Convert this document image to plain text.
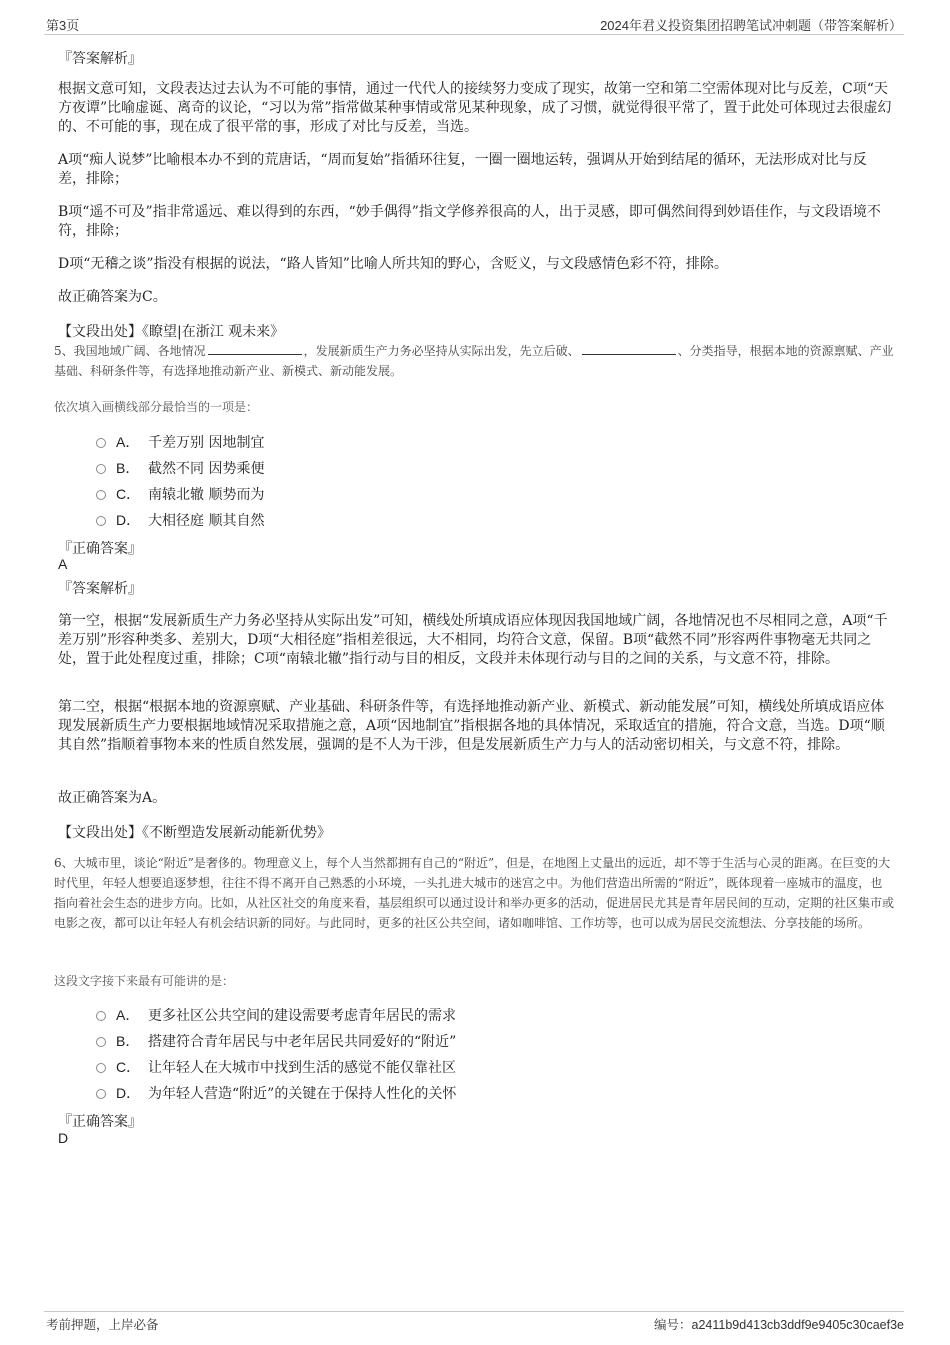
第3页	2024年君义投资集团招聘笔试冲刺题（带答案解析）
『答案解析』
根据文意可知，文段表达过去认为不可能的事情，通过一代代人的接续努力变成了现实，故第一空和第二空需体现对比与反差，C项“天方夜谭”比喻虚诞、离奇的议论，“习以为常”指常做某种事情或常见某种现象，成了习惯，就觉得很平常了，置于此处可体现过去很虚幻的、不可能的事，现在成了很平常的事，形成了对比与反差，当选。
A项“痴人说梦”比喻根本办不到的荒唐话，“周而复始”指循环往复，一圈一圈地运转，强调从开始到结尾的循环，无法形成对比与反差，排除；
B项“遥不可及”指非常遥远、难以得到的东西，“妙手偶得”指文学修养很高的人，出于灵感，即可偶然间得到妙语佳作，与文段语境不符，排除；
D项“无稽之谈”指没有根据的说法，“路人皆知”比喻人所共知的野心，含贬义，与文段感情色彩不符，排除。
故正确答案为C。
【文段出处】《瞭望|在浙江 观未来》
5、我国地域广阔、各地情况	，发展新质生产力务必坚持从实际出发，先立后破、	、分类指导，根据本地的资源禀赋、产业基础、科研条件等，有选择地推动新产业、新模式、新动能发展。
依次填入画横线部分最恰当的一项是：
A． 千差万别 因地制宜
B． 截然不同 因势乘便
C． 南辕北辙 顺势而为
D． 大相径庭 顺其自然
『正确答案』
A
『答案解析』
第一空，根据“发展新质生产力务必坚持从实际出发”可知，横线处所填成语应体现因我国地域广阔，各地情况也不尽相同之意，A项“千差万别”形容种类多、差别大，D项“大相径庭”指相差很远，大不相同，均符合文意，保留。B项“截然不同”形容两件事物毫无共同之处，置于此处程度过重，排除；C项“南辕北辙”指行动与目的相反，文段并未体现行动与目的之间的关系，与文意不符，排除。
第二空，根据“根据本地的资源禀赋、产业基础、科研条件等，有选择地推动新产业、新模式、新动能发展”可知，横线处所填成语应体现发展新质生产力要根据地域情况采取措施之意，A项“因地制宜”指根据各地的具体情况，采取适宜的措施，符合文意，当选。D项“顺其自然”指顺着事物本来的性质自然发展，强调的是不人为干涉，但是发展新质生产力与人的活动密切相关，与文意不符，排除。
故正确答案为A。
【文段出处】《不断塑造发展新动能新优势》
6、大城市里，谈论“附近”是奢侈的。物理意义上，每个人当然都拥有自己的“附近”，但是，在地图上丈量出的远近，却不等于生活与心灵的距离。在巨变的大时代里，年轻人想要追逐梦想，往往不得不离开自己熟悉的小环境，一头扎进大城市的迷宫之中。为他们营造出所需的“附近”，既体现着一座城市的温度，也指向着社会生态的进步方向。比如，从社区社交的角度来看，基层组织可以通过设计和举办更多的活动，促进居民尤其是青年居民间的互动，定期的社区集市或电影之夜，都可以让年轻人有机会结识新的同好。与此同时，更多的社区公共空间，诸如咖啡馆、工作坊等，也可以成为居民交流想法、分享技能的场所。
这段文字接下来最有可能讲的是：
A． 更多社区公共空间的建设需要考虑青年居民的需求
B． 搭建符合青年居民与中老年居民共同爱好的“附近”
C． 让年轻人在大城市中找到生活的感觉不能仅靠社区
D． 为年轻人营造“附近”的关键在于保持人性化的关怀
『正确答案』
D
考前押题，上岸必备	编号：a2411b9d413cb3ddf9e9405c30caef3e
